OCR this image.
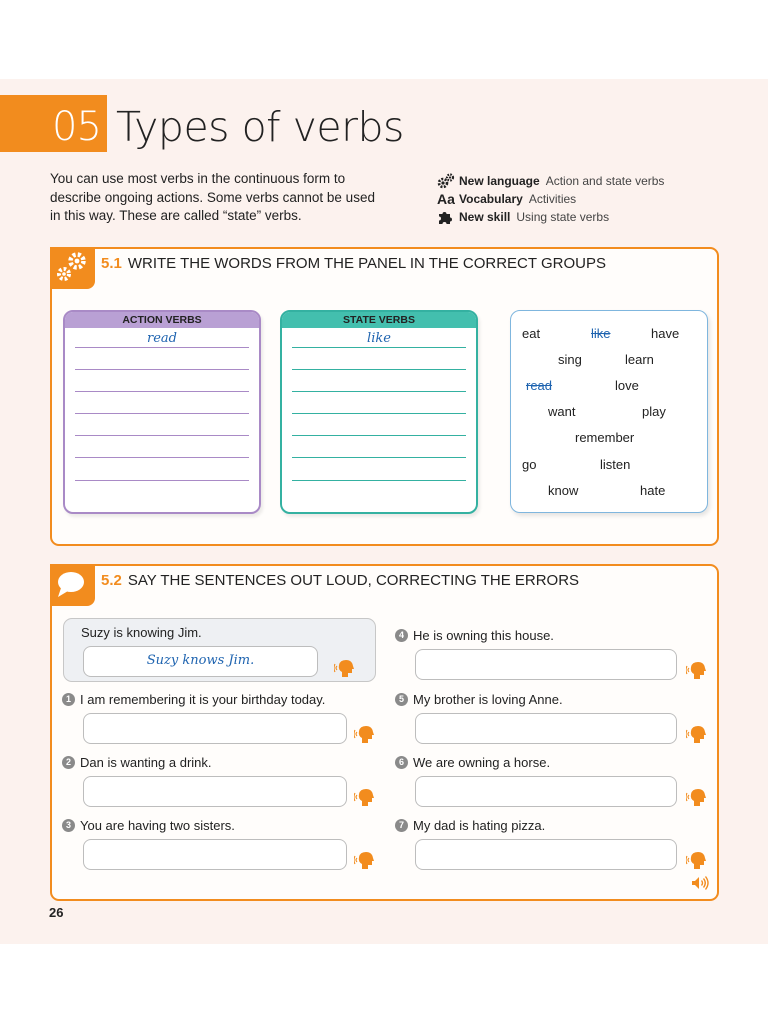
05 Types of verbs

You can use most verbs in the continuous form to describe ongoing actions. Some verbs cannot be used in this way. These are called “state” verbs.

New language Action and state verbs
Aa Vocabulary Activities
New skill Using state verbs
5.1 WRITE THE WORDS FROM THE PANEL IN THE CORRECT GROUPS
ACTION VERBS
read
STATE VERBS
like	eat	like	have
sing	learn
read	love
want	play
remember
go	listen
know	hate
5.2 SAY THE SENTENCES OUT LOUD, CORRECTING THE ERRORS
Suzy is knowing Jim.
Suzy knows Jim.
1 I am remembering it is your birthday today.
2 Dan is wanting a drink.
3 You are having two sisters.
4 He is owning this house.
5 My brother is loving Anne.
6 We are owning a horse.
7 My dad is hating pizza.
26
